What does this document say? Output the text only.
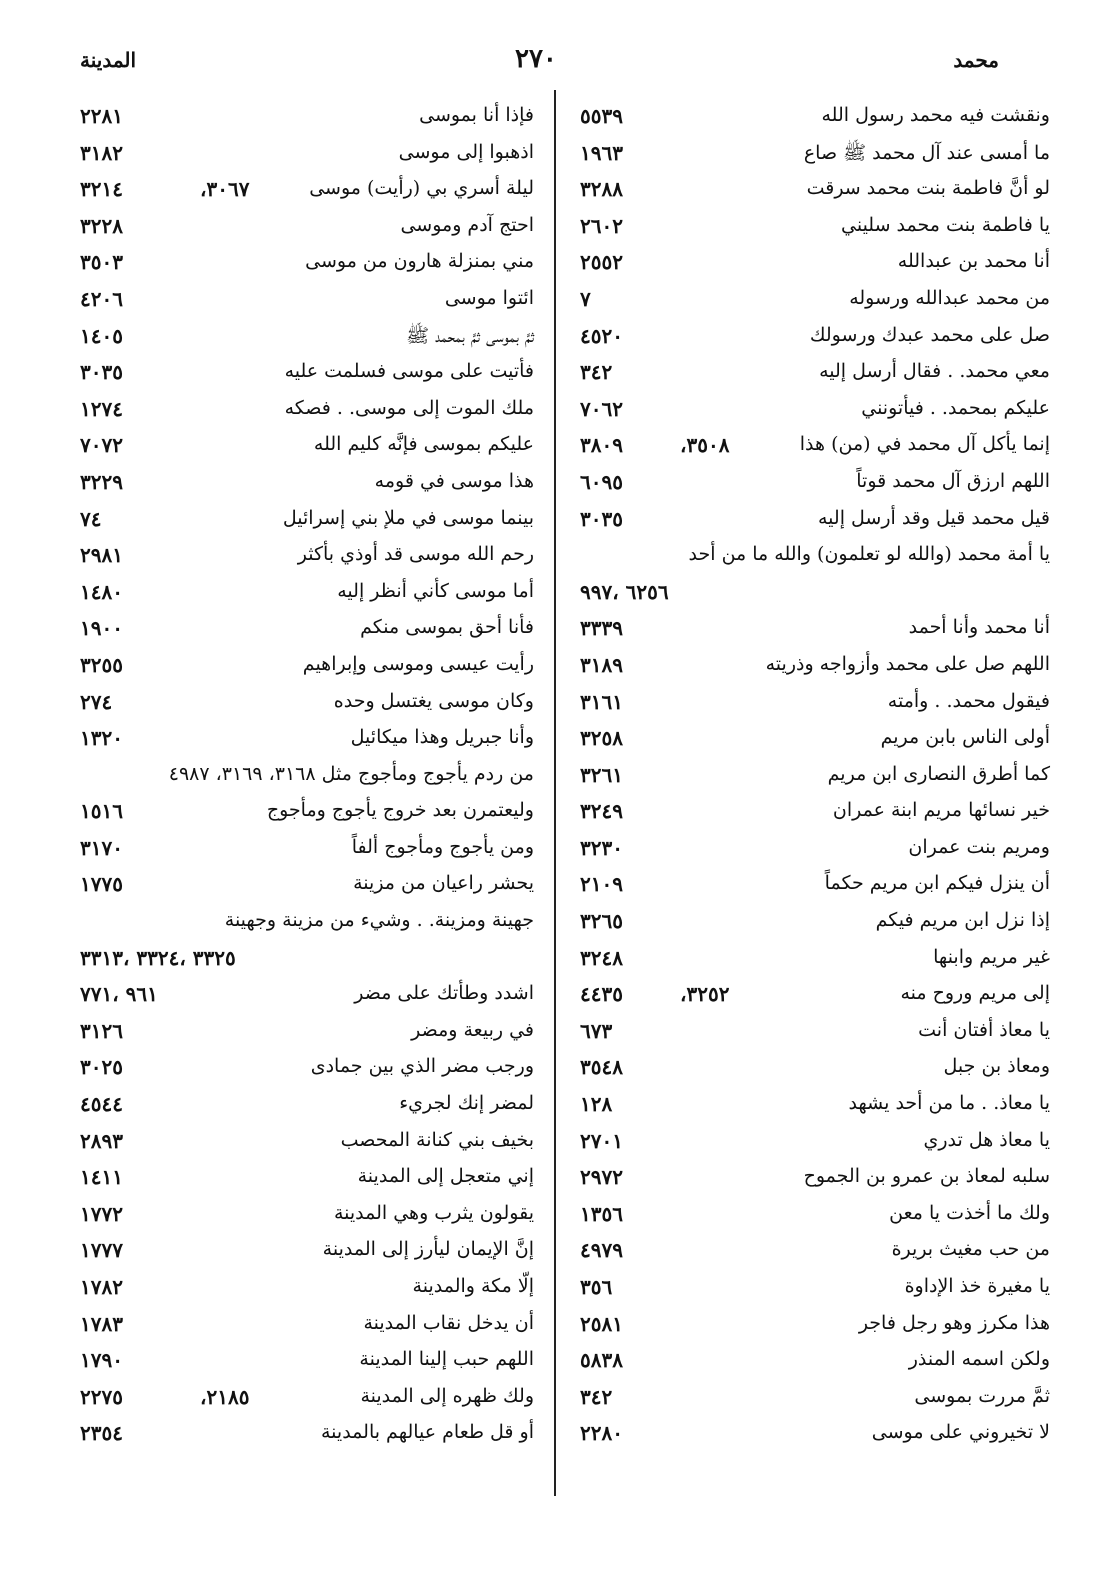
المدينة	٢٧٠	محمد
ونقشت فيه محمد رسول الله
٥٥٣٩
ما أمسى عند آل محمد ﷺ صاع
١٩٦٣
لو أنَّ فاطمة بنت محمد سرقت
٣٢٨٨
يا فاطمة بنت محمد سليني
٢٦٠٢
أنا محمد بن عبدالله
٢٥٥٢
من محمد عبدالله ورسوله
٧
صل على محمد عبدك ورسولك
٤٥٢٠
معي محمد. . فقال أرسل إليه
٣٤٢
عليكم بمحمد. . فيأتونني
٧٠٦٢
إنما يأكل آل محمد في (من) هذا
٣٥٠٨،
٣٨٠٩
اللهم ارزق آل محمد قوتاً
٦٠٩٥
قيل محمد قيل وقد أرسل إليه
٣٠٣٥
يا أمة محمد (والله لو تعلمون) والله ما من أحد
٦٢٥٦ ،٩٩٧
أنا محمد وأنا أحمد
٣٣٣٩
اللهم صل على محمد وأزواجه وذريته
٣١٨٩
فيقول محمد. . وأمته
٣١٦١
أولى الناس بابن مريم
٣٢٥٨
كما أطرق النصارى ابن مريم
٣٢٦١
خير نسائها مريم ابنة عمران
٣٢٤٩
ومريم بنت عمران
٣٢٣٠
أن ينزل فيكم ابن مريم حكماً
٢١٠٩
إذا نزل ابن مريم فيكم
٣٢٦٥
غير مريم وابنها
٣٢٤٨
إلى مريم وروح منه
٣٢٥٢،
٤٤٣٥
يا معاذ أفتان أنت
٦٧٣
ومعاذ بن جبل
٣٥٤٨
يا معاذ. . ما من أحد يشهد
١٢٨
يا معاذ هل تدري
٢٧٠١
سلبه لمعاذ بن عمرو بن الجموح
٢٩٧٢
ولك ما أخذت يا معن
١٣٥٦
من حب مغيث بريرة
٤٩٧٩
يا مغيرة خذ الإداوة
٣٥٦
هذا مكرز وهو رجل فاجر
٢٥٨١
ولكن اسمه المنذر
٥٨٣٨
ثمَّ مررت بموسى
٣٤٢
لا تخيروني على موسى
٢٢٨٠
فإذا أنا بموسى
٢٢٨١
اذهبوا إلى موسى
٣١٨٢
ليلة أسري بي (رأيت) موسى
٣٠٦٧،
٣٢١٤
احتج آدم وموسى
٣٢٢٨
مني بمنزلة هارون من موسى
٣٥٠٣
ائتوا موسى
٤٢٠٦
ثمَّ بموسى ثمَّ بمحمد ﷺ
١٤٠٥
فأتيت على موسى فسلمت عليه
٣٠٣٥
ملك الموت إلى موسى. . فصكه
١٢٧٤
عليكم بموسى فإنَّه كليم الله
٧٠٧٢
هذا موسى في قومه
٣٢٢٩
بينما موسى في ملإ بني إسرائيل
٧٤
رحم الله موسى قد أوذي بأكثر
٢٩٨١
أما موسى كأني أنظر إليه
١٤٨٠
فأنا أحق بموسى منكم
١٩٠٠
رأيت عيسى وموسى وإبراهيم
٣٢٥٥
وكان موسى يغتسل وحده
٢٧٤
وأنا جبريل وهذا ميكائيل
١٣٢٠
من ردم يأجوج ومأجوج مثل ٣١٦٨، ٣١٦٩، ٤٩٨٧
وليعتمرن بعد خروج يأجوج ومأجوج
١٥١٦
ومن يأجوج ومأجوج ألفاً
٣١٧٠
يحشر راعيان من مزينة
١٧٧٥
جهينة ومزينة. . وشيء من مزينة وجهينة
٣٣٢٥ ،٣٣٢٤ ،٣٣١٣
اشدد وطأتك على مضر
٩٦١ ،٧٧١
في ربيعة ومضر
٣١٢٦
ورجب مضر الذي بين جمادى
٣٠٢٥
لمضر إنك لجريء
٤٥٤٤
بخيف بني كنانة المحصب
٢٨٩٣
إني متعجل إلى المدينة
١٤١١
يقولون يثرب وهي المدينة
١٧٧٢
إنَّ الإيمان ليأرز إلى المدينة
١٧٧٧
إلّا مكة والمدينة
١٧٨٢
أن يدخل نقاب المدينة
١٧٨٣
اللهم حبب إلينا المدينة
١٧٩٠
ولك ظهره إلى المدينة
٢١٨٥،
٢٢٧٥
أو قل طعام عيالهم بالمدينة
٢٣٥٤
